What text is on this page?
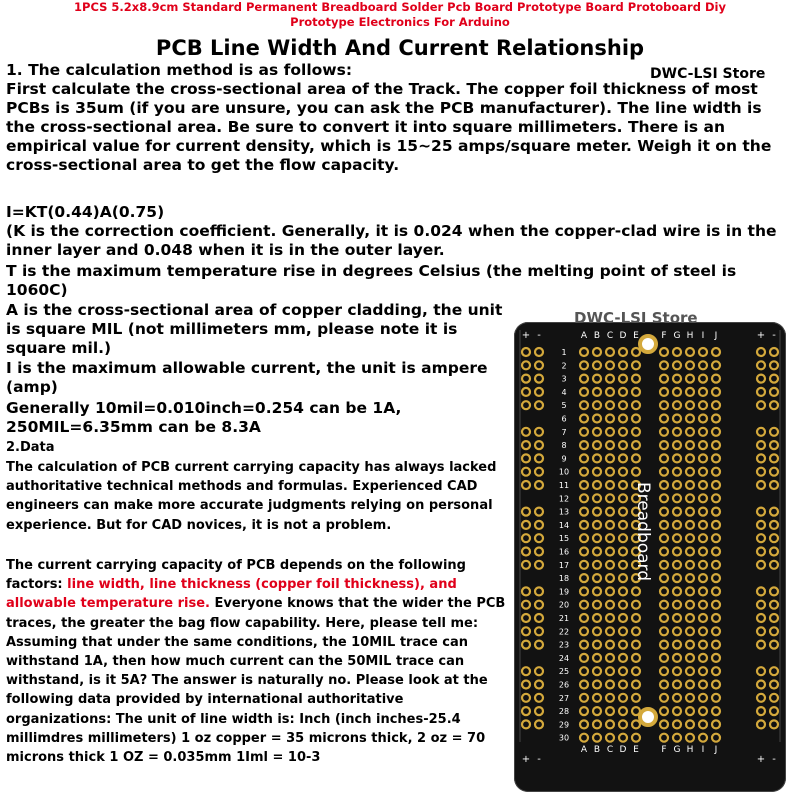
1PCS 5.2x8.9cm Standard Permanent Breadboard Solder Pcb Board Prototype Board Protoboard Diy
Prototype Electronics For Arduino
PCB Line Width And Current Relationship
1. The calculation method is as follows:	DWC-LSI Store
First calculate the cross-sectional area of the Track. The copper foil thickness of most PCBs is 35um (if you are unsure, you can ask the PCB manufacturer). The line width is the cross-sectional area. Be sure to convert it into square millimeters. There is an empirical value for current density, which is 15~25 amps/square meter. Weigh it on the cross-sectional area to get the flow capacity.
I=KT(0.44)A(0.75)
(K is the correction coefficient. Generally, it is 0.024 when the copper-clad wire is in the inner layer and 0.048 when it is in the outer layer.
T is the maximum temperature rise in degrees Celsius (the melting point of steel is 1060C)
A is the cross-sectional area of copper cladding, the unit is square MIL (not millimeters mm, please note it is square mil.)
I is the maximum allowable current, the unit is ampere (amp)
Generally 10mil=0.010inch=0.254 can be 1A,
250MIL=6.35mm can be 8.3A
2.Data
The calculation of PCB current carrying capacity has always lacked authoritative technical methods and formulas. Experienced CAD engineers can make more accurate judgments relying on personal experience. But for CAD novices, it is not a problem.
The current carrying capacity of PCB depends on the following factors: line width, line thickness (copper foil thickness), and allowable temperature rise. Everyone knows that the wider the PCB traces, the greater the bag flow capability. Here, please tell me: Assuming that under the same conditions, the 10MIL trace can withstand 1A, then how much current can the 50MIL trace can withstand, is it 5A? The answer is naturally no. Please look at the following data provided by international authoritative organizations: The unit of line width is: Inch (inch inches-25.4 millimdres millimeters) 1 oz copper = 35 microns thick, 2 oz = 70 microns thick 1 OZ = 0.035mm 1Iml = 10-3
1
2
3
4
5
6
7
8
9
10
11
12
13
14
15
16
17
18
19
20
21
22
23
24
25
26
27
28
29
30
A
A
B
B
C
C
D
D
E
E
F
F
G
G
H
H
I
I
J
J
+ -	+ -
+ -	+ -
Breadboard
DWC-LSI Store
